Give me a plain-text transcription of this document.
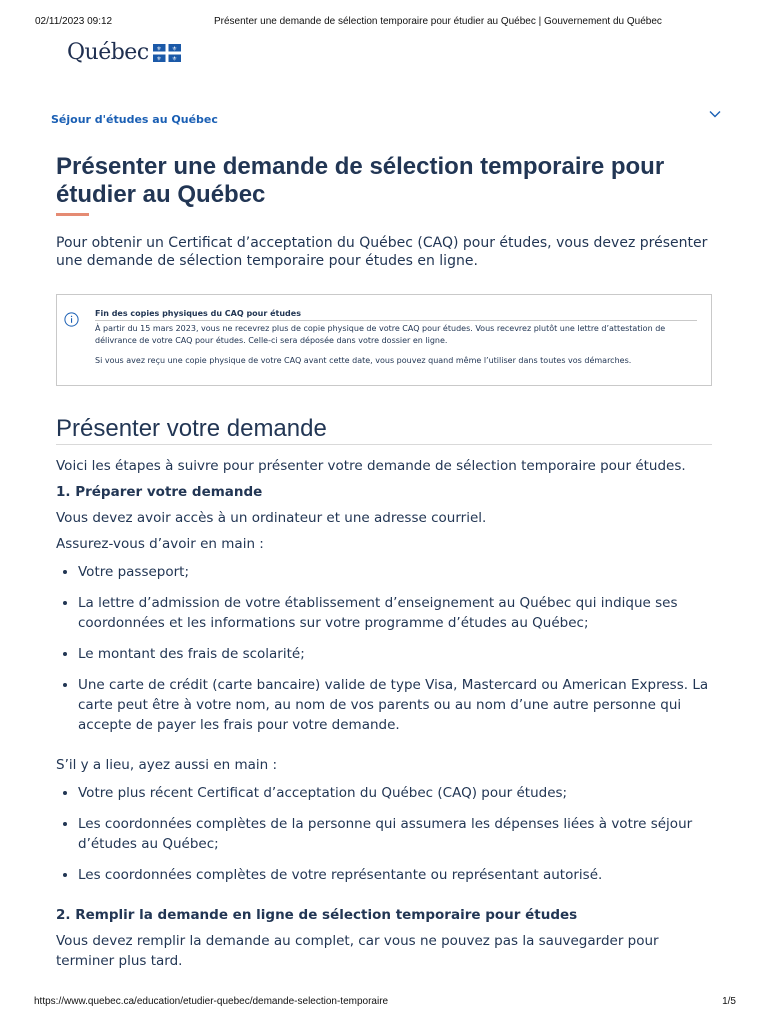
02/11/2023 09:12	Présenter une demande de sélection temporaire pour étudier au Québec | Gouvernement du Québec
Québec ⚜ ⚜
⚜ ⚜
Séjour d'études au Québec
Présenter une demande de sélection temporaire pour étudier au Québec

Pour obtenir un Certificat d’acceptation du Québec (CAQ) pour études, vous devez présenter une demande de sélection temporaire pour études en ligne.

Fin des copies physiques du CAQ pour études
À partir du 15 mars 2023, vous ne recevrez plus de copie physique de votre CAQ pour études. Vous recevrez plutôt une lettre d’attestation de délivrance de votre CAQ pour études. Celle-ci sera déposée dans votre dossier en ligne.
Si vous avez reçu une copie physique de votre CAQ avant cette date, vous pouvez quand même l’utiliser dans toutes vos démarches.
Présenter votre demande

Voici les étapes à suivre pour présenter votre demande de sélection temporaire pour études.

1. Préparer votre demande

Vous devez avoir accès à un ordinateur et une adresse courriel.

Assurez-vous d’avoir en main :

• Votre passeport;
• La lettre d’admission de votre établissement d’enseignement au Québec qui indique ses coordonnées et les informations sur votre programme d’études au Québec;
• Le montant des frais de scolarité;
• Une carte de crédit (carte bancaire) valide de type Visa, Mastercard ou American Express. La carte peut être à votre nom, au nom de vos parents ou au nom d’une autre personne qui accepte de payer les frais pour votre demande.

S’il y a lieu, ayez aussi en main :

• Votre plus récent Certificat d’acceptation du Québec (CAQ) pour études;
• Les coordonnées complètes de la personne qui assumera les dépenses liées à votre séjour d’études au Québec;
• Les coordonnées complètes de votre représentante ou représentant autorisé.

2. Remplir la demande en ligne de sélection temporaire pour études

Vous devez remplir la demande au complet, car vous ne pouvez pas la sauvegarder pour terminer plus tard.

https://www.quebec.ca/education/etudier-quebec/demande-selection-temporaire	1/5
